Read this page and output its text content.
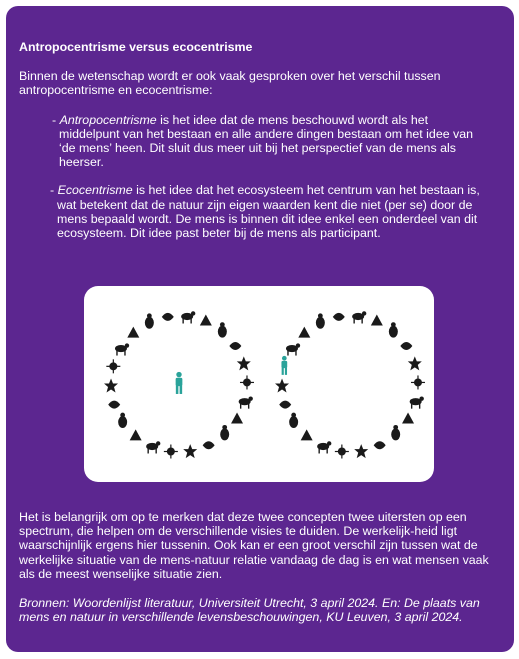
Antropocentrisme versus ecocentrisme
Binnen de wetenschap wordt er ook vaak gesproken over het verschil tussen antropocentrisme en ecocentrisme:
- Antropocentrisme is het idee dat de mens beschouwd wordt als het middelpunt van het bestaan en alle andere dingen bestaan om het idee van ‘de mens’ heen. Dit sluit dus meer uit bij het perspectief van de mens als heerser.
- Ecocentrisme is het idee dat het ecosysteem het centrum van het bestaan is, wat betekent dat de natuur zijn eigen waarden kent die niet (per se) door de mens bepaald wordt. De mens is binnen dit idee enkel een onderdeel van dit ecosysteem. Dit idee past beter bij de mens als participant.
Het is belangrijk om op te merken dat deze twee concepten twee uitersten op een spectrum, die helpen om de verschillende visies te duiden. De werkelijk-heid ligt waarschijnlijk ergens hier tussenin. Ook kan er een groot verschil zijn tussen wat de werkelijke situatie van de mens-natuur relatie vandaag de dag is en wat mensen vaak als de meest wenselijke situatie zien.
Bronnen: Woordenlijst literatuur, Universiteit Utrecht, 3 april 2024. En: De plaats van mens en natuur in verschillende levensbeschouwingen, KU Leuven, 3 april 2024.
